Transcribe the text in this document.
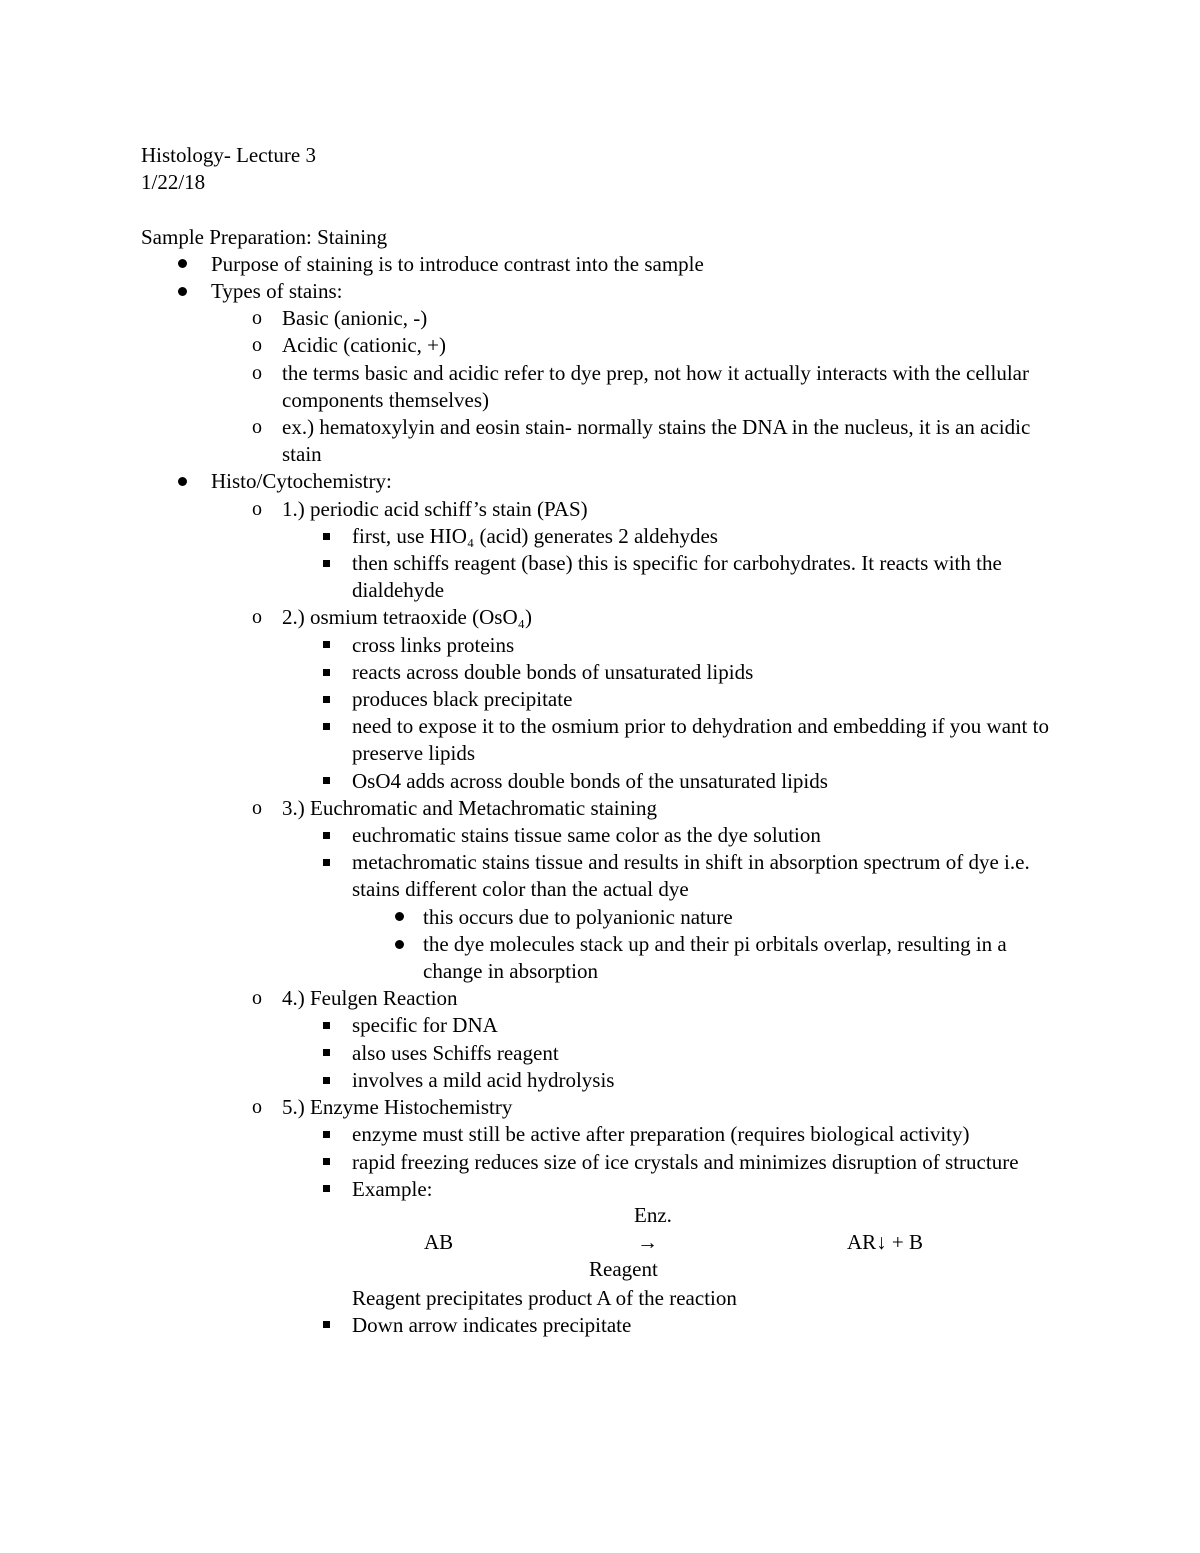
Histology- Lecture 3
1/22/18
Sample Preparation: Staining
Purpose of staining is to introduce contrast into the sample
Types of stains:
o Basic (anionic, -)
o Acidic (cationic, +)
o the terms basic and acidic refer to dye prep, not how it actually interacts with the cellular components themselves)
o ex.) hematoxylyin and eosin stain- normally stains the DNA in the nucleus, it is an acidic stain
Histo/Cytochemistry:
o 1.) periodic acid schiff’s stain (PAS)
first, use HIO₄ (acid) generates 2 aldehydes
then schiffs reagent (base) this is specific for carbohydrates. It reacts with the dialdehyde
o 2.) osmium tetraoxide (OsO₄)
cross links proteins
reacts across double bonds of unsaturated lipids
produces black precipitate
need to expose it to the osmium prior to dehydration and embedding if you want to preserve lipids
OsO4 adds across double bonds of the unsaturated lipids
o 3.) Euchromatic and Metachromatic staining
euchromatic stains tissue same color as the dye solution
metachromatic stains tissue and results in shift in absorption spectrum of dye i.e. stains different color than the actual dye
this occurs due to polyanionic nature
the dye molecules stack up and their pi orbitals overlap, resulting in a change in absorption
o 4.) Feulgen Reaction
specific for DNA
also uses Schiffs reagent
involves a mild acid hydrolysis
o 5.) Enzyme Histochemistry
enzyme must still be active after preparation (requires biological activity)
rapid freezing reduces size of ice crystals and minimizes disruption of structure
Example:
Enz.
AB	→	AR↓ + B
Reagent
Reagent precipitates product A of the reaction
Down arrow indicates precipitate
